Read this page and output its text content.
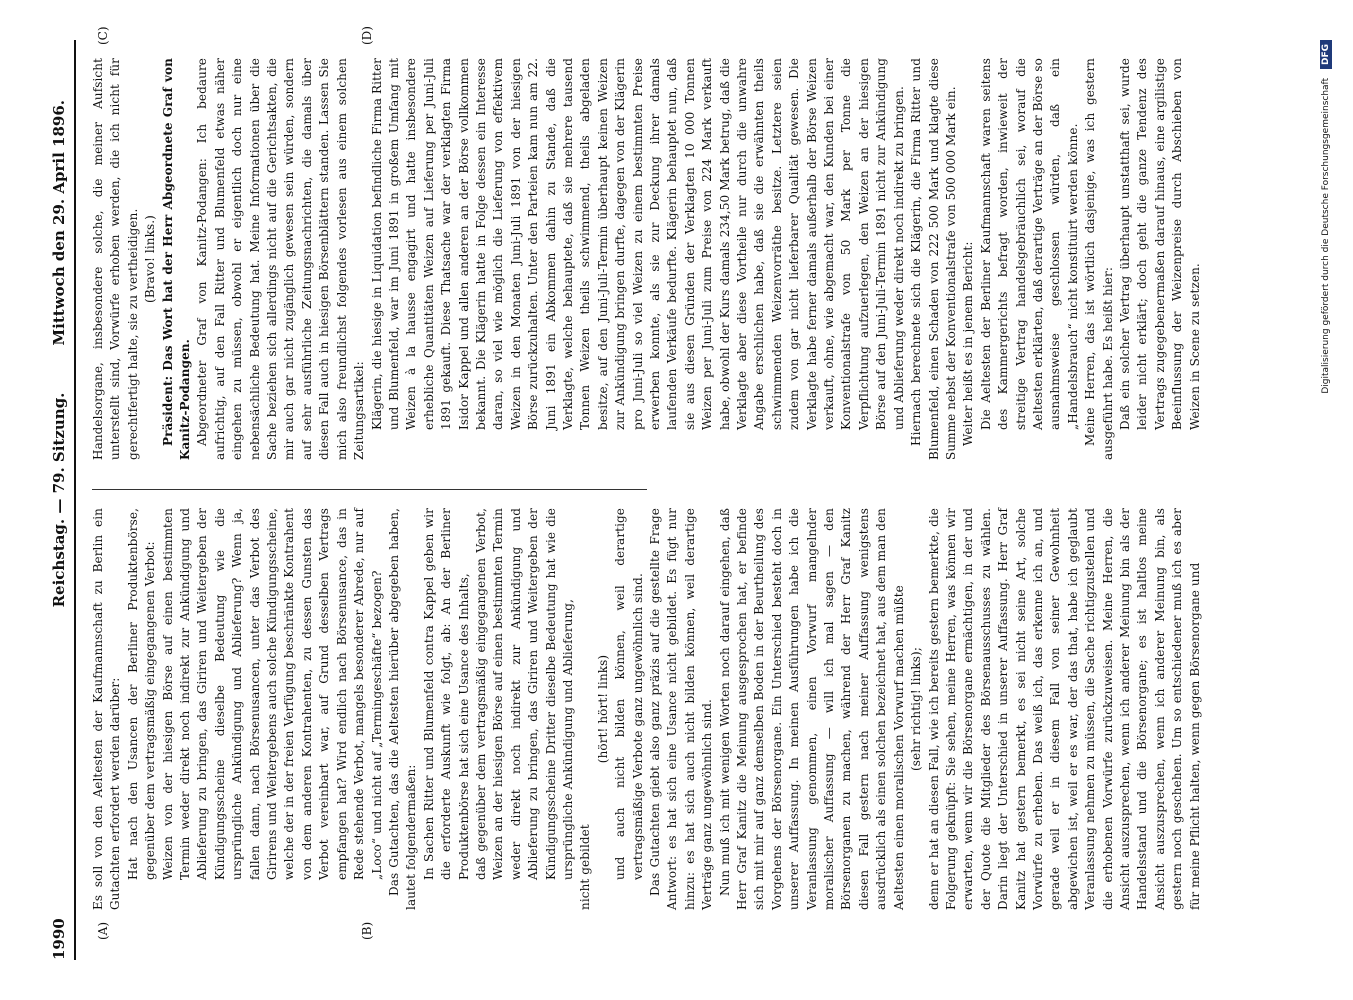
1990
Reichstag. — 79. Sitzung.
Mittwoch den 29. April 1896.
(A)	(B)
(C)	(D)

Es soll von den Aeltesten der Kaufmannschaft zu Berlin ein Gutachten erfordert werden darüber: Hat nach den Usancen der Berliner Produktenbörse, gegenüber dem vertragsmäßig eingegangenen Verbot: Weizen von der hiesigen Börse auf einen bestimmten Termin weder direkt noch indirekt zur Ankündigung und Ablieferung zu bringen, das Giriren und Weitergeben der Kündigungsscheine dieselbe Bedeutung wie die ursprüngliche Ankündigung und Ablieferung? Wenn ja, fallen dann, nach Börsenusancen, unter das Verbot des Girirens und Weitergebens auch solche Kündigungsscheine, welche der in der freien Verfügung beschränkte Kontrahent von dem anderen Kontrahenten, zu dessen Gunsten das Verbot vereinbart war, auf Grund desselben Vertrags empfangen hat? Wird endlich nach Börsenusance, das in Rede stehende Verbot, mangels besonderer Abrede, nur auf „Loco“ und nicht auf „Termingeschäfte“ bezogen? Das Gutachten, das die Aeltesten hierüber abgegeben haben, lautet folgendermaßen: In Sachen Ritter und Blumenfeld contra Kappel geben wir die erforderte Auskunft wie folgt, ab: An der Berliner Produktenbörse hat sich eine Usance des Inhalts, daß gegenüber dem vertragsmäßig eingegangenen Verbot, Weizen an der hiesigen Börse auf einen bestimmten Termin weder direkt noch indirekt zur Ankündigung und Ablieferung zu bringen, das Giriren und Weitergeben der Kündigungsscheine Dritter dieselbe Bedeutung hat wie die ursprüngliche Ankündigung und Ablieferung, nicht gebildet

(hört! hört! links) und auch nicht bilden können, weil derartige vertragsmäßige Verbote ganz ungewöhnlich sind. Das Gutachten giebt also ganz präzis auf die gestellte Frage Antwort: es hat sich eine Usance nicht gebildet. Es fügt nur hinzu: es hat sich auch nicht bilden können, weil derartige Verträge ganz ungewöhnlich sind. Nun muß ich mit wenigen Worten noch darauf eingehen, daß Herr Graf Kanitz die Meinung ausgesprochen hat, er befinde sich mit mir auf ganz demselben Boden in der Beurtheilung des Vorgehens der Börsenorgane. Ein Unterschied besteht doch in unserer Auffassung. In meinen Ausführungen habe ich die Veranlassung genommen, einen Vorwurf mangelnder moralischer Auffassung — will ich mal sagen — den Börsenorganen zu machen, während der Herr Graf Kanitz diesen Fall gestern nach meiner Auffassung wenigstens ausdrücklich als einen solchen bezeichnet hat, aus dem man den Aeltesten einen moralischen Vorwurf machen müßte (sehr richtig! links); denn er hat an diesen Fall, wie ich bereits gestern bemerkte, die Folgerung geknüpft: Sie sehen, meine Herren, was können wir erwarten, wenn wir die Börsenorgane ermächtigen, in der und der Quote die Mitglieder des Börsenausschusses zu wählen. Darin liegt der Unterschied in unserer Auffassung. Herr Graf Kanitz hat gestern bemerkt, es sei nicht seine Art, solche Vorwürfe zu erheben. Das weiß ich, das erkenne ich an, und gerade weil er in diesem Fall von seiner Gewohnheit abgewichen ist, weil er es war, der das that, habe ich geglaubt Veranlassung nehmen zu müssen, die Sache richtigzustellen und die erhobenen Vorwürfe zurückzuweisen. Meine Herren, die Ansicht auszusprechen, wenn ich anderer Meinung bin als der Handelsstand und die Börsenorgane; es ist haltlos meine Ansicht auszusprechen, wenn ich anderer Meinung bin, als gestern noch geschehen. Um so entschiedener muß ich es aber für meine Pflicht halten, wenn gegen Börsenorgane und

Handelsorgane, insbesondere solche, die meiner Aufsicht unterstellt sind, Vorwürfe erhoben werden, die ich nicht für gerechtfertigt halte, sie zu vertheidigen. (Bravo! links.) Präsident: Das Wort hat der Herr Abgeordnete Graf von Kanitz-Podangen. Abgeordneter Graf von Kanitz-Podangen: Ich bedaure aufrichtig, auf den Fall Ritter und Blumenfeld etwas näher eingehen zu müssen, obwohl er eigentlich doch nur eine nebensächliche Bedeutung hat. Meine Informationen über die Sache beziehen sich allerdings nicht auf die Gerichtsakten, die mir auch gar nicht zugänglich gewesen sein würden, sondern auf sehr ausführliche Zeitungsnachrichten, die damals über diesen Fall auch in hiesigen Börsenblättern standen. Lassen Sie mich also freundlichst folgendes vorlesen aus einem solchen Zeitungsartikel: Klägerin, die hiesige in Liquidation befindliche Firma Ritter und Blumenfeld, war im Juni 1891 in großem Umfang mit Weizen à la hausse engagirt und hatte insbesondere erhebliche Quantitäten Weizen auf Lieferung per Juni-Juli 1891 gekauft. Diese Thatsache war der verklagten Firma Isidor Kappel und allen anderen an der Börse vollkommen bekannt. Die Klägerin hatte in Folge dessen ein Interesse daran, so viel wie möglich die Lieferung von effektivem Weizen in den Monaten Juni-Juli 1891 von der hiesigen Börse zurückzuhalten. Unter den Parteien kam nun am 22. Juni 1891 ein Abkommen dahin zu Stande, daß die Verklagte, welche behauptete, daß sie mehrere tausend Tonnen Weizen theils schwimmend, theils abgeladen besitze, auf den Juni-Juli-Termin überhaupt keinen Weizen zur Ankündigung bringen durfte, dagegen von der Klägerin pro Juni-Juli so viel Weizen zu einem bestimmten Preise erwerben konnte, als sie zur Deckung ihrer damals laufenden Verkäufe bedurfte. Klägerin behauptet nun, daß sie aus diesen Gründen der Verklagten 10 000 Tonnen Weizen per Juni-Juli zum Preise von 224 Mark verkauft habe, obwohl der Kurs damals 234,50 Mark betrug, daß die Verklagte aber diese Vortheile nur durch die unwahre Angabe erschlichen habe, daß sie die erwähnten theils schwimmenden Weizenvorräthe besitze. Letztere seien zudem von gar nicht lieferbarer Qualität gewesen. Die Verklagte habe ferner damals außerhalb der Börse Weizen verkauft, ohne, wie abgemacht war, den Kunden bei einer Konventionalstrafe von 50 Mark per Tonne die Verpflichtung aufzuerlegen, den Weizen an der hiesigen Börse auf den Juni-Juli-Termin 1891 nicht zur Ankündigung und Ablieferung weder direkt noch indirekt zu bringen. Hiernach berechnete sich die Klägerin, die Firma Ritter und Blumenfeld, einen Schaden von 222 500 Mark und klagte diese Summe nebst der Konventionalstrafe von 500 000 Mark ein. Weiter heißt es in jenem Bericht: Die Aeltesten der Berliner Kaufmannschaft waren seitens des Kammergerichts befragt worden, inwieweit der streitige Vertrag handelsgebräuchlich sei, worauf die Aeltesten erklärten, daß derartige Verträge an der Börse so ausnahmsweise geschlossen würden, daß ein „Handelsbrauch“ nicht konstituirt werden könne. Meine Herren, das ist wörtlich dasjenige, was ich gestern ausgeführt habe. Es heißt hier: Daß ein solcher Vertrag überhaupt unstatthaft sei, wurde leider nicht erklärt; doch geht die ganze Tendenz des Vertrags zugegebenermaßen darauf hinaus, eine argilistige Beeinflussung der Weizenpreise durch Abschieben von Weizen in Scene zu setzen.	Digitalisierung gefördert durch die Deutsche Forschungsgemeinschaft DFG
